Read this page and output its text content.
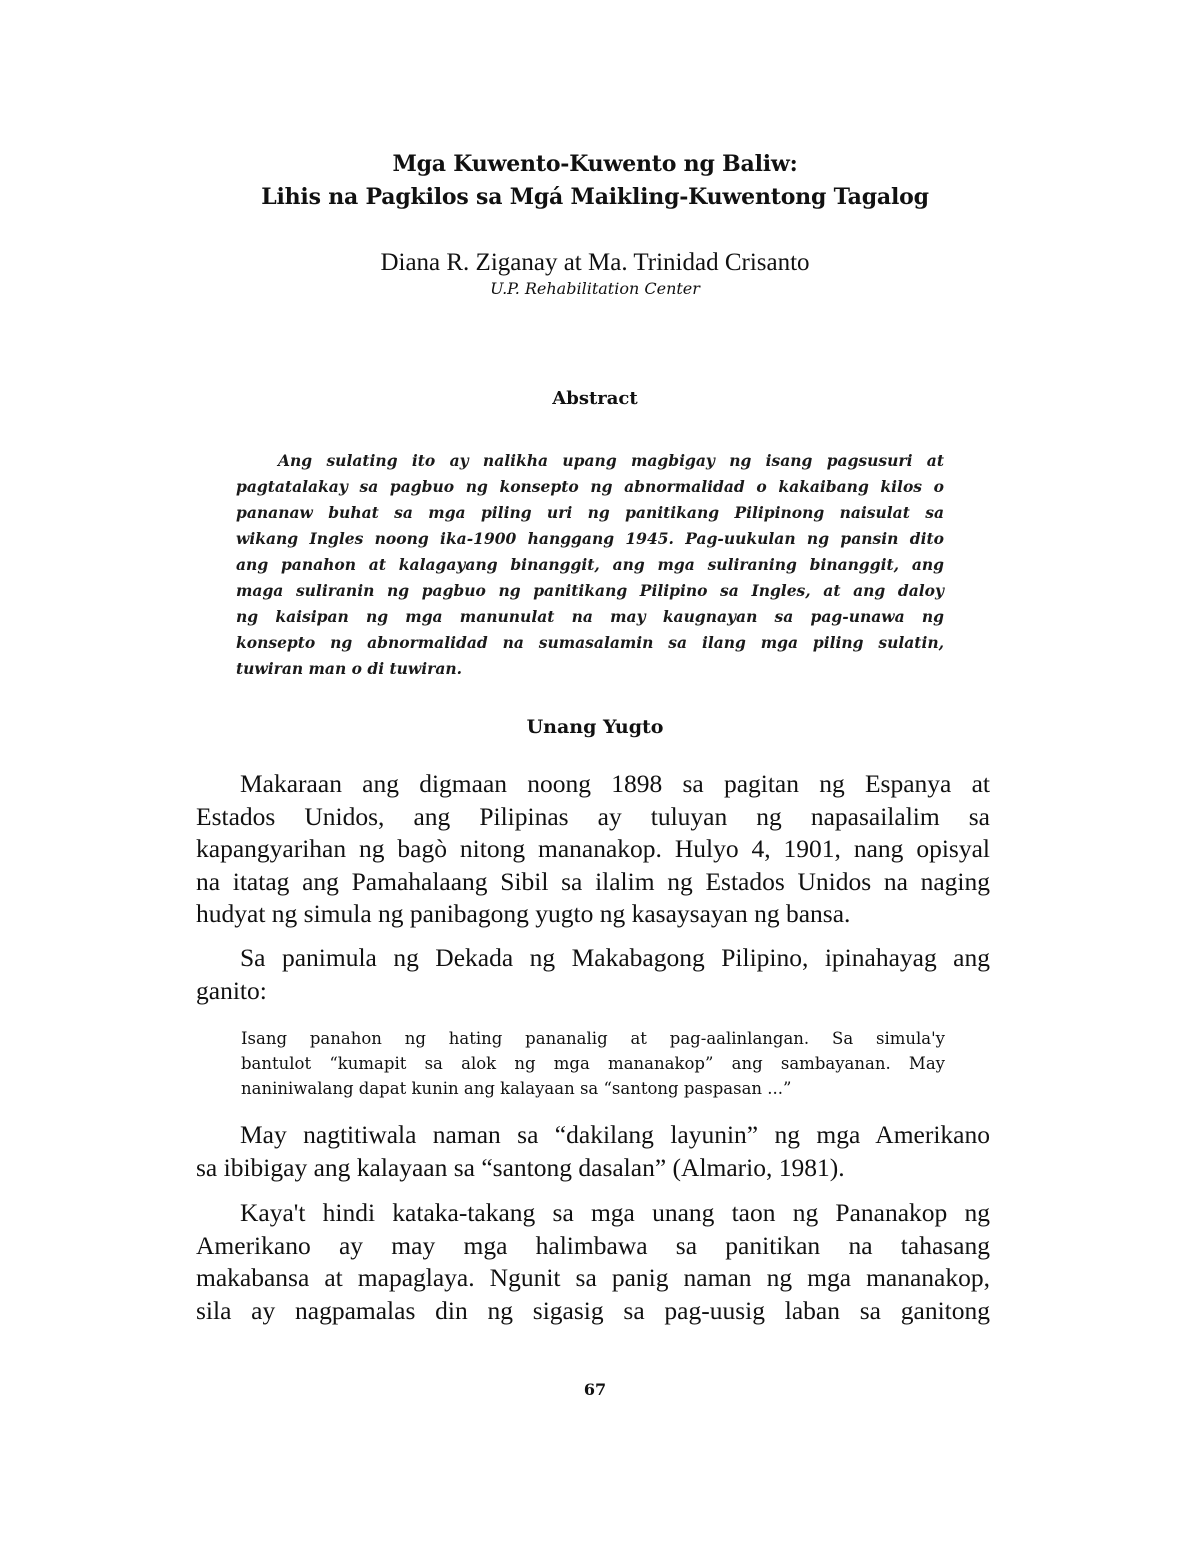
Mga Kuwento-Kuwento ng Baliw:
Lihis na Pagkilos sa Mgá Maikling-Kuwentong Tagalog
Diana R. Ziganay at Ma. Trinidad Crisanto
U.P. Rehabilitation Center
Abstract
Ang sulating ito ay nalikha upang magbigay ng isang pagsusuri at
pagtatalakay sa pagbuo ng konsepto ng abnormalidad o kakaibang kilos o
pananaw buhat sa mga piling uri ng panitikang Pilipinong naisulat sa
wikang Ingles noong ika-1900 hanggang 1945. Pag-uukulan ng pansin dito
ang panahon at kalagayang binanggit, ang mga suliraning binanggit, ang
maga suliranin ng pagbuo ng panitikang Pilipino sa Ingles, at ang daloy
ng kaisipan ng mga manunulat na may kaugnayan sa pag-unawa ng
konsepto ng abnormalidad na sumasalamin sa ilang mga piling sulatin,
tuwiran man o di tuwiran.
Unang Yugto
Makaraan ang digmaan noong 1898 sa pagitan ng Espanya at
Estados Unidos, ang Pilipinas ay tuluyan ng napasailalim sa
kapangyarihan ng bagò nitong mananakop. Hulyo 4, 1901, nang opisyal
na itatag ang Pamahalaang Sibil sa ilalim ng Estados Unidos na naging
hudyat ng simula ng panibagong yugto ng kasaysayan ng bansa.
Sa panimula ng Dekada ng Makabagong Pilipino, ipinahayag ang
ganito:
Isang panahon ng hating pananalig at pag-aalinlangan. Sa simula'y
bantulot “kumapit sa alok ng mga mananakop” ang sambayanan. May
naniniwalang dapat kunin ang kalayaan sa “santong paspasan ...”
May nagtitiwala naman sa “dakilang layunin” ng mga Amerikano
sa ibibigay ang kalayaan sa “santong dasalan” (Almario, 1981).
Kaya't hindi kataka-takang sa mga unang taon ng Pananakop ng
Amerikano ay may mga halimbawa sa panitikan na tahasang
makabansa at mapaglaya. Ngunit sa panig naman ng mga mananakop,
sila ay nagpamalas din ng sigasig sa pag-uusig laban sa ganitong
67
